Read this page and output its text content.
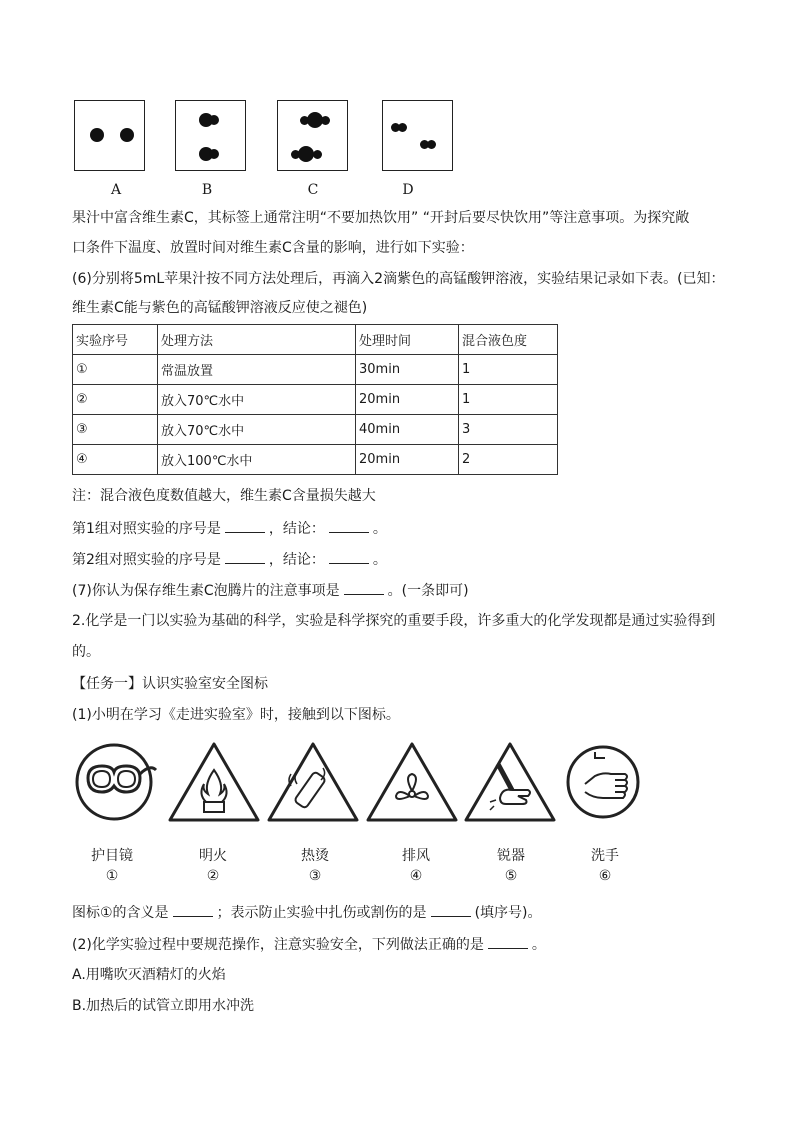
A	B	C	D
果汁中富含维生素C，其标签上通常注明“不要加热饮用” “开封后要尽快饮用”等注意事项。为探究敞
口条件下温度、放置时间对维生素C含量的影响，进行如下实验：
(6)分别将5mL苹果汁按不同方法处理后，再滴入2滴紫色的高锰酸钾溶液，实验结果记录如下表。(已知：
维生素C能与紫色的高锰酸钾溶液反应使之褪色)
实验序号	处理方法	处理时间	混合液色度
①	常温放置	30min	1
②	放入70℃水中	20min	1
③	放入70℃水中	40min	3
④	放入100℃水中	20min	2
注：混合液色度数值越大，维生素C含量损失越大
第1组对照实验的序号是	，结论：	。
第2组对照实验的序号是	，结论：	。
(7)你认为保存维生素C泡腾片的注意事项是	。(一条即可)
2.化学是一门以实验为基础的科学，实验是科学探究的重要手段，许多重大的化学发现都是通过实验得到
的。
【任务一】认识实验室安全图标
(1)小明在学习《走进实验室》时，接触到以下图标。
护目镜	明火	热烫	排风	锐器	洗手
①	②	③	④	⑤	⑥
图标①的含义是	；表示防止实验中扎伤或割伤的是	(填序号)。
(2)化学实验过程中要规范操作，注意实验安全，下列做法正确的是	。
A.用嘴吹灭酒精灯的火焰
B.加热后的试管立即用水冲洗
